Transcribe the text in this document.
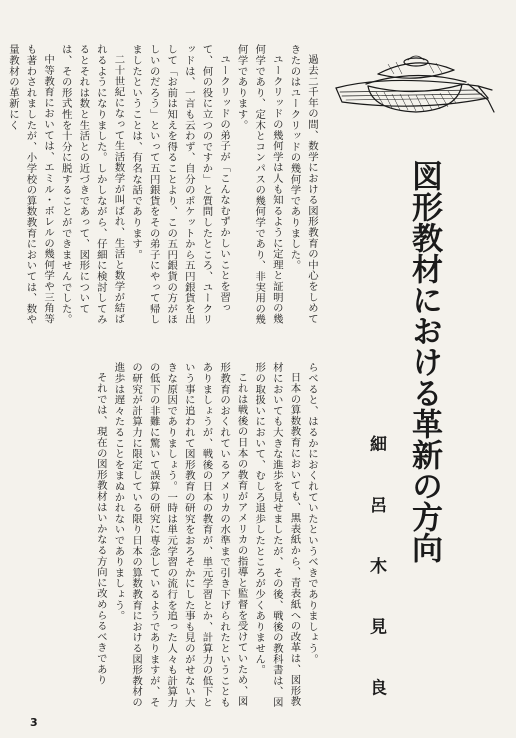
図形教材における革新の方向
細 呂 木 見 良

過去二千年の間、数学における図形教育の中心をしめてきたのはユークリッドの幾何学でありました。

ユークリッドの幾何学は人も知るように定理と証明の幾何学であり、定木とコンパスの幾何学であり、非実用の幾何学であります。

ユークリッドの弟子が「こんなむずかしいことを習って、何の役に立つのですか」と質問したところ、ユークリッドは、一言も云わず、自分のポケットから五円銀貨を出して「お前は知えを得ることより、この五円銀貨の方がほしいのだろう」といって五円銀貨をその弟子にやって帰しましたということは、有名な話であります。

二十世紀になって生活数学が叫ばれ、生活と数学が結ばれるようになりました。しかしながら、仔細に検討してみるとそれは数と生活との近づきであって、図形については、その形式性を十分に脱することができませんでした。

中等教育においては、エミル・ボレルの幾何学や三角等も著わされましたが、小学校の算数教育においては、数や量教材の革新にく

らべると、はるかにおくれていたというべきでありましょう。

日本の算数教育においても、黒表紙から、青表紙への改革は、図形教材においても大きな進歩を見せましたが、その後、戦後の教科書は、図形の取扱いにおいて、むしろ退歩したところが少くありません。

これは戦後の日本の教育がアメリカの指導と監督を受けていため、図形教育のおくれているアメリカの水準まで引き下げられたということもありましょうが、戦後の日本の教育が、単元学習とか、計算力の低下という事に追われて図形教育の研究をおろそかにした事も見のがせない大きな原因でありましょう。一時は単元学習の流行を追った人々も計算力の低下の非難に驚いて誤算の研究に専念しているようでありますが、その研究が計算力に限定している限り日本の算数教育における図形教材の進歩は遅々たることをまぬかれないでありましょう。

それでは、現在の図形教材はいかなる方向に改めらるべきであり

3
